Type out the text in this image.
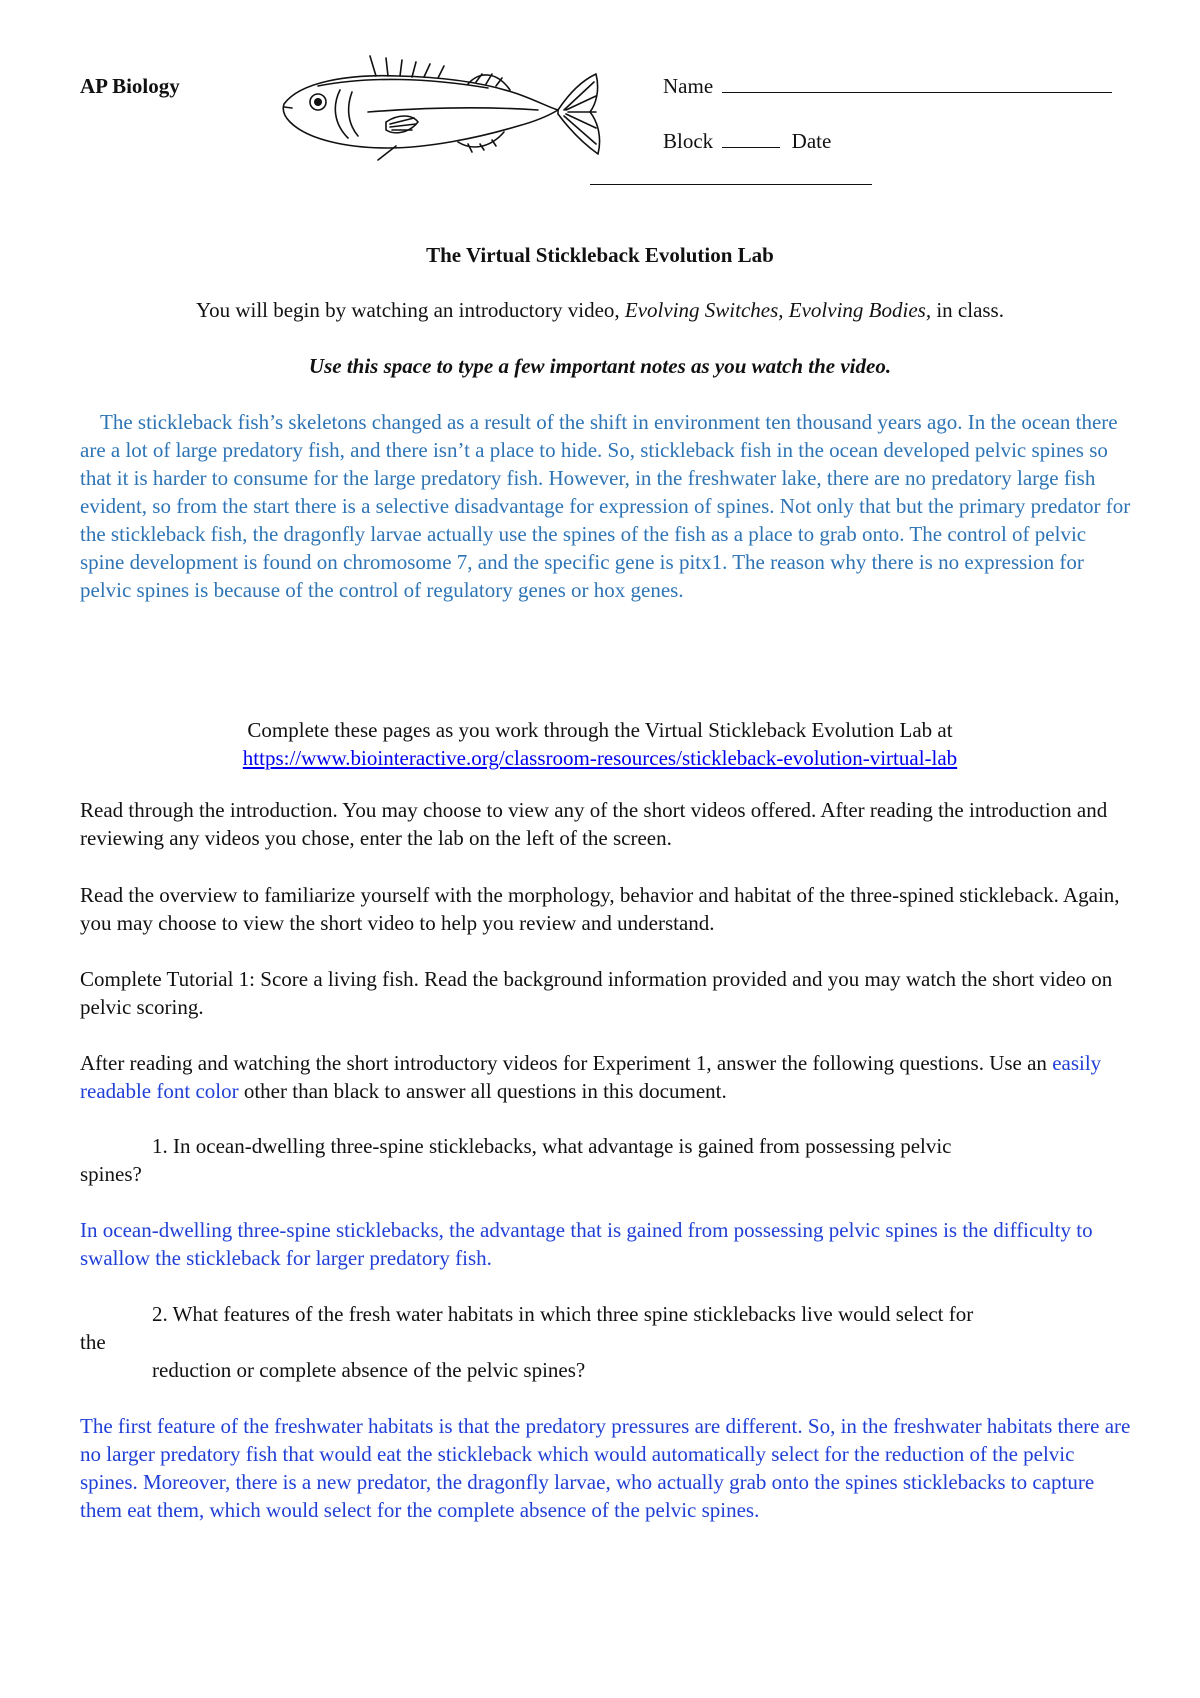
AP Biology	Name
Block	Date
The Virtual Stickleback Evolution Lab
You will begin by watching an introductory video, Evolving Switches, Evolving Bodies, in class.
Use this space to type a few important notes as you watch the video.

The stickleback fish’s skeletons changed as a result of the shift in environment ten thousand years ago. In the ocean there are a lot of large predatory fish, and there isn’t a place to hide. So, stickleback fish in the ocean developed pelvic spines so that it is harder to consume for the large predatory fish. However, in the freshwater lake, there are no predatory large fish evident, so from the start there is a selective disadvantage for expression of spines. Not only that but the primary predator for the stickleback fish, the dragonfly larvae actually use the spines of the fish as a place to grab onto. The control of pelvic spine development is found on chromosome 7, and the specific gene is pitx1. The reason why there is no expression for pelvic spines is because of the control of regulatory genes or hox genes.

Complete these pages as you work through the Virtual Stickleback Evolution Lab at
https://www.biointeractive.org/classroom-resources/stickleback-evolution-virtual-lab

Read through the introduction. You may choose to view any of the short videos offered. After reading the introduction and reviewing any videos you chose, enter the lab on the left of the screen.

Read the overview to familiarize yourself with the morphology, behavior and habitat of the three-spined stickleback. Again, you may choose to view the short video to help you review and understand.

Complete Tutorial 1: Score a living fish. Read the background information provided and you may watch the short video on pelvic scoring.

After reading and watching the short introductory videos for Experiment 1, answer the following questions. Use an easily readable font color other than black to answer all questions in this document.

1. In ocean-dwelling three-spine sticklebacks, what advantage is gained from possessing pelvic
spines?

In ocean-dwelling three-spine sticklebacks, the advantage that is gained from possessing pelvic spines is the difficulty to swallow the stickleback for larger predatory fish.

2. What features of the fresh water habitats in which three spine sticklebacks live would select for
the
reduction or complete absence of the pelvic spines?

The first feature of the freshwater habitats is that the predatory pressures are different. So, in the freshwater habitats there are no larger predatory fish that would eat the stickleback which would automatically select for the reduction of the pelvic spines. Moreover, there is a new predator, the dragonfly larvae, who actually grab onto the spines sticklebacks to capture them eat them, which would select for the complete absence of the pelvic spines.
